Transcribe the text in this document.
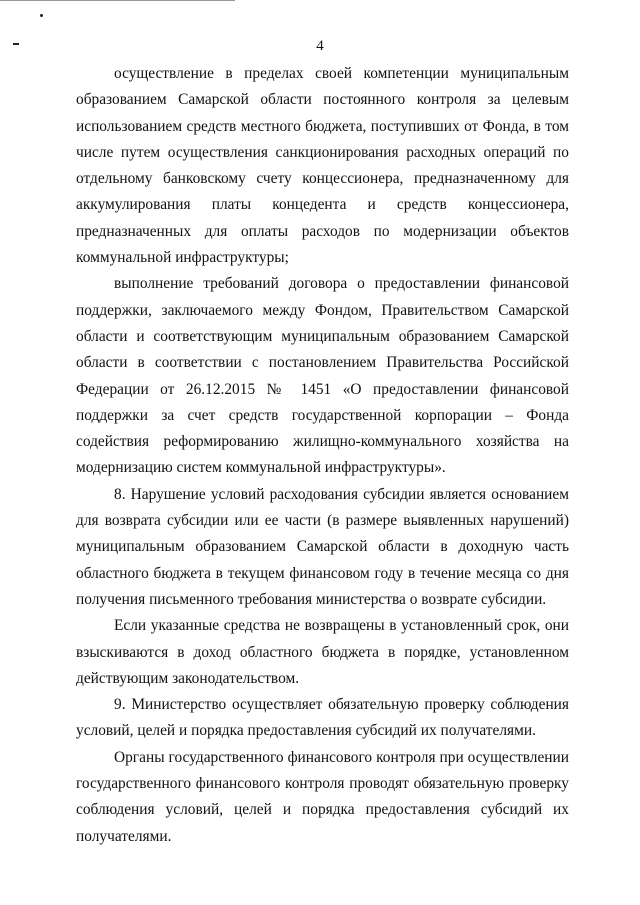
4

осуществление в пределах своей компетенции муниципальным образованием Самарской области постоянного контроля за целевым использованием средств местного бюджета, поступивших от Фонда, в том числе путем осуществления санкционирования расходных операций по отдельному банковскому счету концессионера, предназначенному для аккумулирования платы концедента и средств концессионера, предназначенных для оплаты расходов по модернизации объектов коммунальной инфраструктуры;

выполнение требований договора о предоставлении финансовой поддержки, заключаемого между Фондом, Правительством Самарской области и соответствующим муниципальным образованием Самарской области в соответствии с постановлением Правительства Российской Федерации от 26.12.2015 № 1451 «О предоставлении финансовой поддержки за счет средств государственной корпорации – Фонда содействия реформированию жилищно-коммунального хозяйства на модернизацию систем коммунальной инфраструктуры».

8. Нарушение условий расходования субсидии является основанием для возврата субсидии или ее части (в размере выявленных нарушений) муниципальным образованием Самарской области в доходную часть областного бюджета в текущем финансовом году в течение месяца со дня получения письменного требования министерства о возврате субсидии.

Если указанные средства не возвращены в установленный срок, они взыскиваются в доход областного бюджета в порядке, установленном действующим законодательством.

9. Министерство осуществляет обязательную проверку соблюдения условий, целей и порядка предоставления субсидий их получателями.

Органы государственного финансового контроля при осуществлении государственного финансового контроля проводят обязательную проверку соблюдения условий, целей и порядка предоставления субсидий их получателями.
